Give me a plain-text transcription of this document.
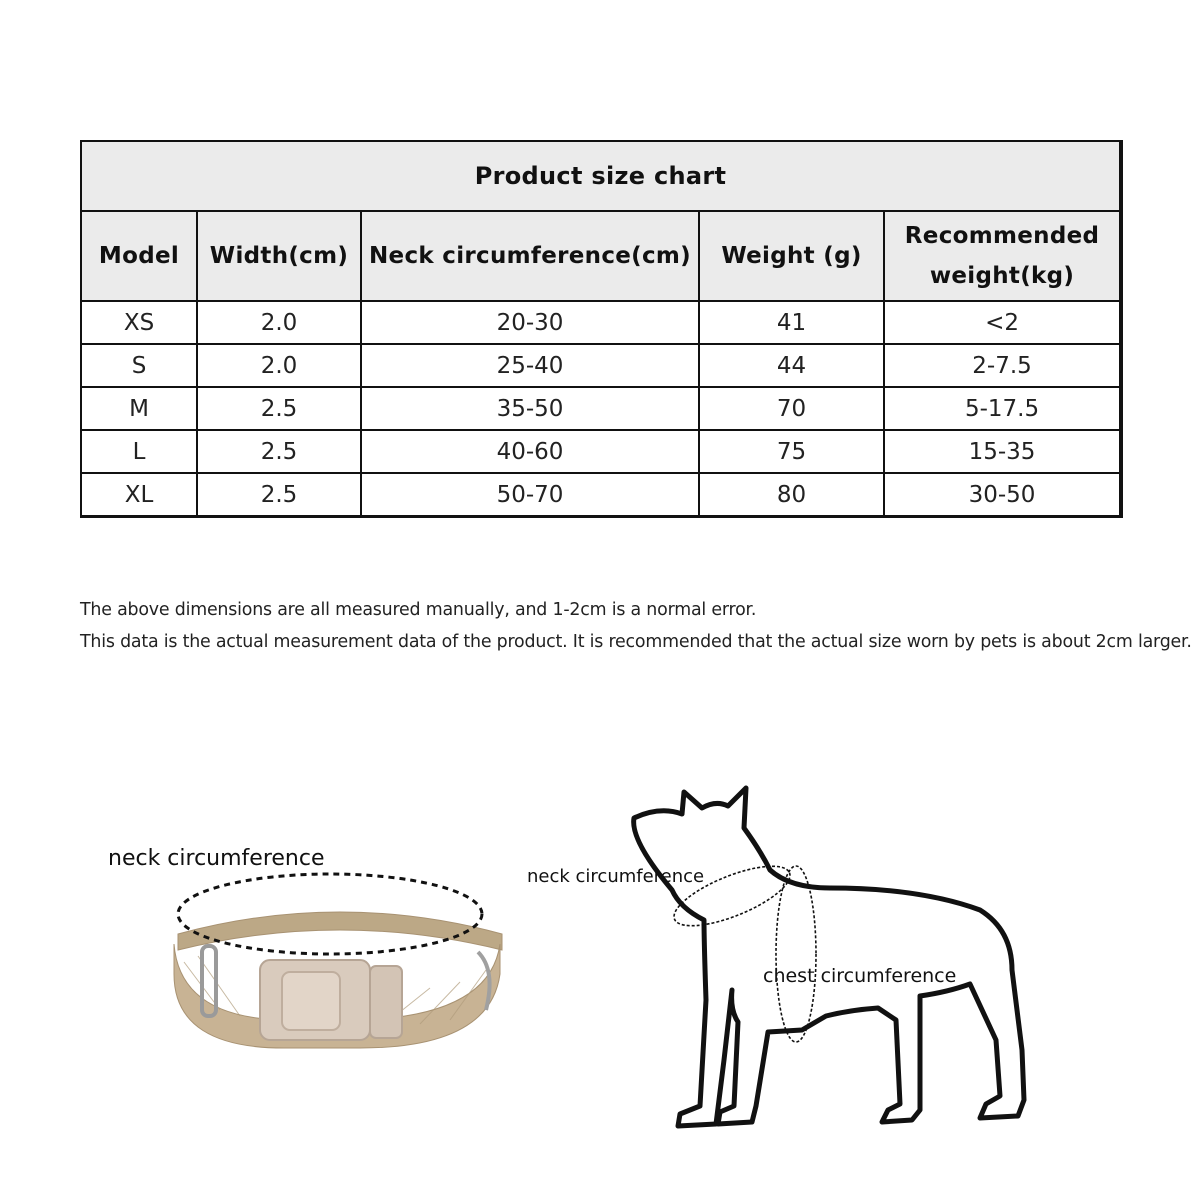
Product size chart				
Model	Width(cm)	Neck circumference(cm)	Weight (g)	Recommended
weight(kg)
XS	2.0	20-30	41	<2
S	2.0	25-40	44	2-7.5
M	2.5	35-50	70	5-17.5
L	2.5	40-60	75	15-35
XL	2.5	50-70	80	30-50

The above dimensions are all measured manually, and 1-2cm is a normal error.

This data is the actual measurement data of the product. It is recommended that the actual size worn by pets is about 2cm larger.

neck circumference
neck circumference
chest circumference
